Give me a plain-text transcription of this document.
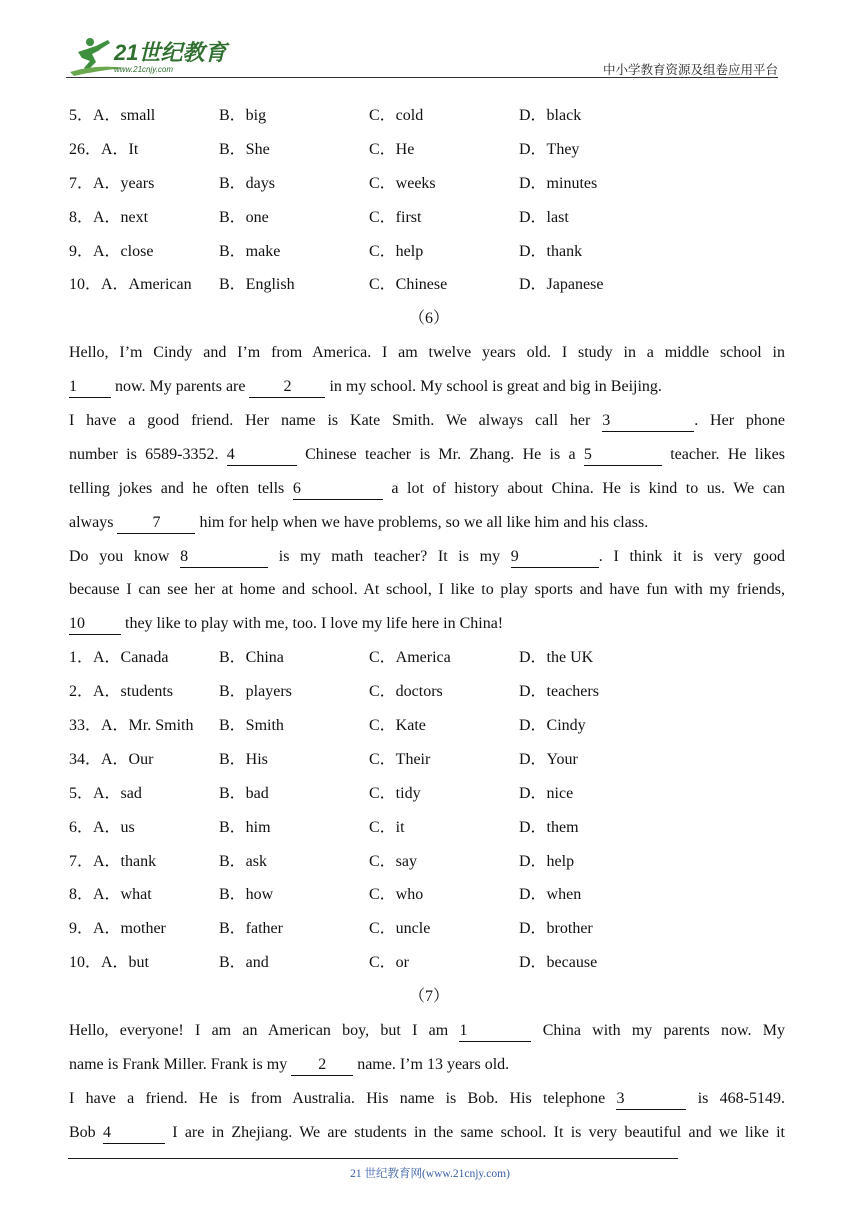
21世纪教育
www.21cnjy.com	中小学教育资源及组卷应用平台
5．A．small	B．big	C．cold	D．black
26．A．It	B．She	C．He	D．They
7．A．years	B．days	C．weeks	D．minutes
8．A．next	B．one	C．first	D．last
9．A．close	B．make	C．help	D．thank
10．A．American B．English	C．Chinese	D．Japanese
（6）
Hello, I’m Cindy and I’m from America. I am twelve years old. I study in a middle school in
1 now. My parents are 2 in my school. My school is great and big in Beijing.
I have a good friend. Her name is Kate Smith. We always call her 3	. Her phone
number is 6589-3352. 4	Chinese teacher is Mr. Zhang. He is a 5	teacher. He likes
telling jokes and he often tells 6	a lot of history about China. He is kind to us. We can
always 7 him for help when we have problems, so we all like him and his class.
Do you know 8	is my math teacher? It is my 9	. I think it is very good
because I can see her at home and school. At school, I like to play sports and have fun with my friends,
10 they like to play with me, too. I love my life here in China!
1．A．Canada	B．China	C．America	D．the UK
2．A．students	B．players	C．doctors	D．teachers
33．A．Mr. Smith B．Smith	C．Kate	D．Cindy
34．A．Our	B．His	C．Their	D．Your
5．A．sad	B．bad	C．tidy	D．nice
6．A．us	B．him	C．it	D．them
7．A．thank	B．ask	C．say	D．help
8．A．what	B．how	C．who	D．when
9．A．mother	B．father	C．uncle	D．brother
10．A．but	B．and	C．or	D．because
（7）
Hello, everyone! I am an American boy, but I am 1	China with my parents now. My
name is Frank Miller. Frank is my 2 name. I’m 13 years old.
I have a friend. He is from Australia. His name is Bob. His telephone 3	is 468-5149.
Bob 4	I are in Zhejiang. We are students in the same school. It is very beautiful and we like it
21 世纪教育网(www.21cnjy.com)
